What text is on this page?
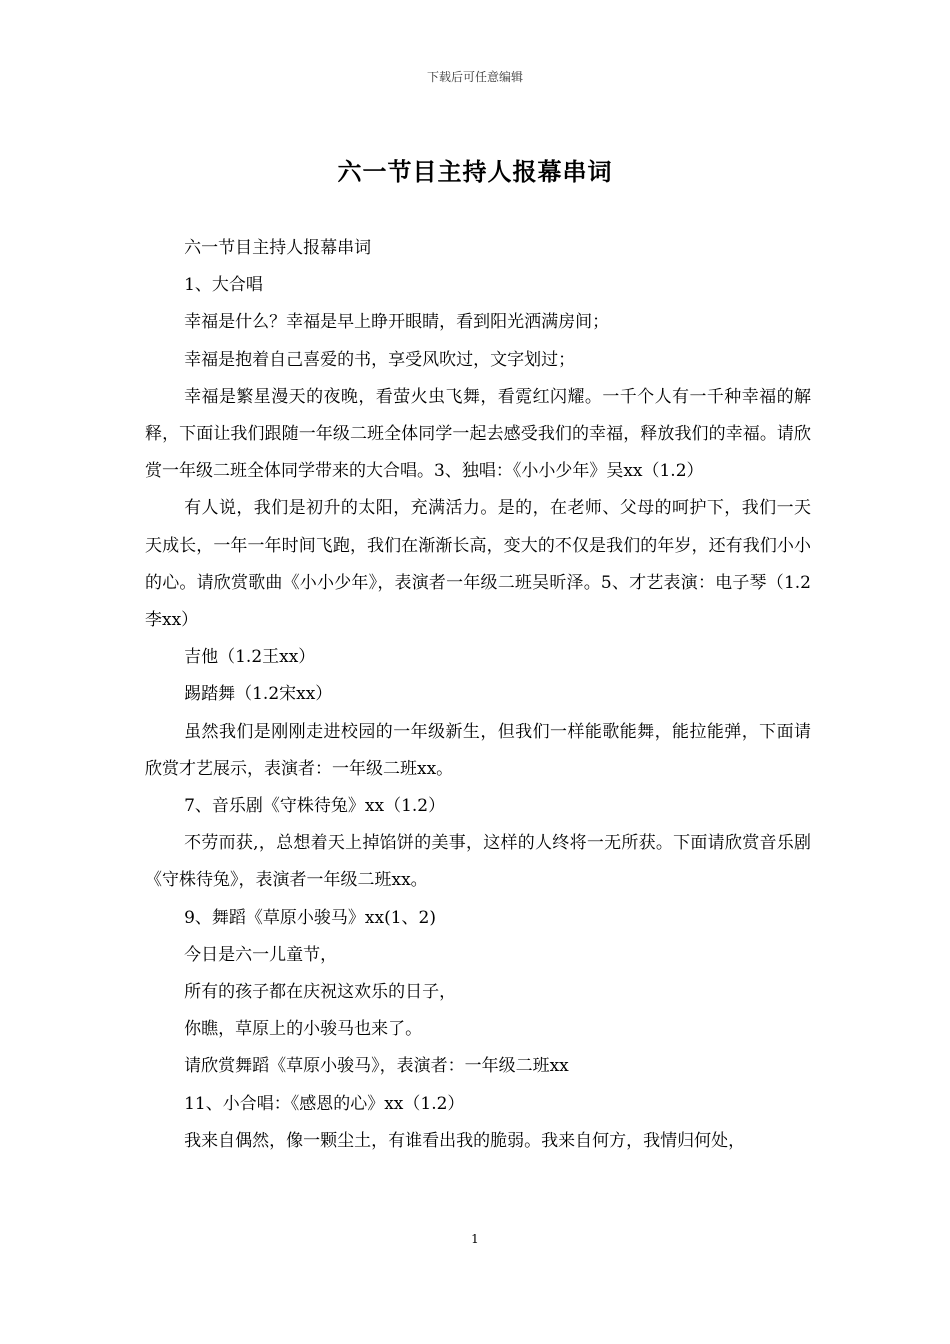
下载后可任意编辑
六一节目主持人报幕串词

六一节目主持人报幕串词

1、大合唱

幸福是什么？幸福是早上睁开眼睛，看到阳光洒满房间；

幸福是抱着自己喜爱的书，享受风吹过，文字划过；

幸福是繁星漫天的夜晚，看萤火虫飞舞，看霓红闪耀。一千个人有一千种幸福的解释，下面让我们跟随一年级二班全体同学一起去感受我们的幸福，释放我们的幸福。请欣赏一年级二班全体同学带来的大合唱。3、独唱：《小小少年》吴xx（1.2）

有人说，我们是初升的太阳，充满活力。是的，在老师、父母的呵护下，我们一天天成长，一年一年时间飞跑，我们在渐渐长高，变大的不仅是我们的年岁，还有我们小小的心。请欣赏歌曲《小小少年》，表演者一年级二班吴昕泽。5、才艺表演：电子琴（1.2李xx）

吉他（1.2王xx）

踢踏舞（1.2宋xx）

虽然我们是刚刚走进校园的一年级新生，但我们一样能歌能舞，能拉能弹，下面请欣赏才艺展示，表演者：一年级二班xx。

7、音乐剧《守株待兔》xx（1.2）

不劳而获,，总想着天上掉馅饼的美事，这样的人终将一无所获。下面请欣赏音乐剧《守株待兔》，表演者一年级二班xx。

9、舞蹈《草原小骏马》xx(1、2)

今日是六一儿童节，

所有的孩子都在庆祝这欢乐的日子，

你瞧，草原上的小骏马也来了。

请欣赏舞蹈《草原小骏马》，表演者：一年级二班xx

11、小合唱：《感恩的心》xx（1.2）

我来自偶然，像一颗尘土，有谁看出我的脆弱。我来自何方，我情归何处，

1
